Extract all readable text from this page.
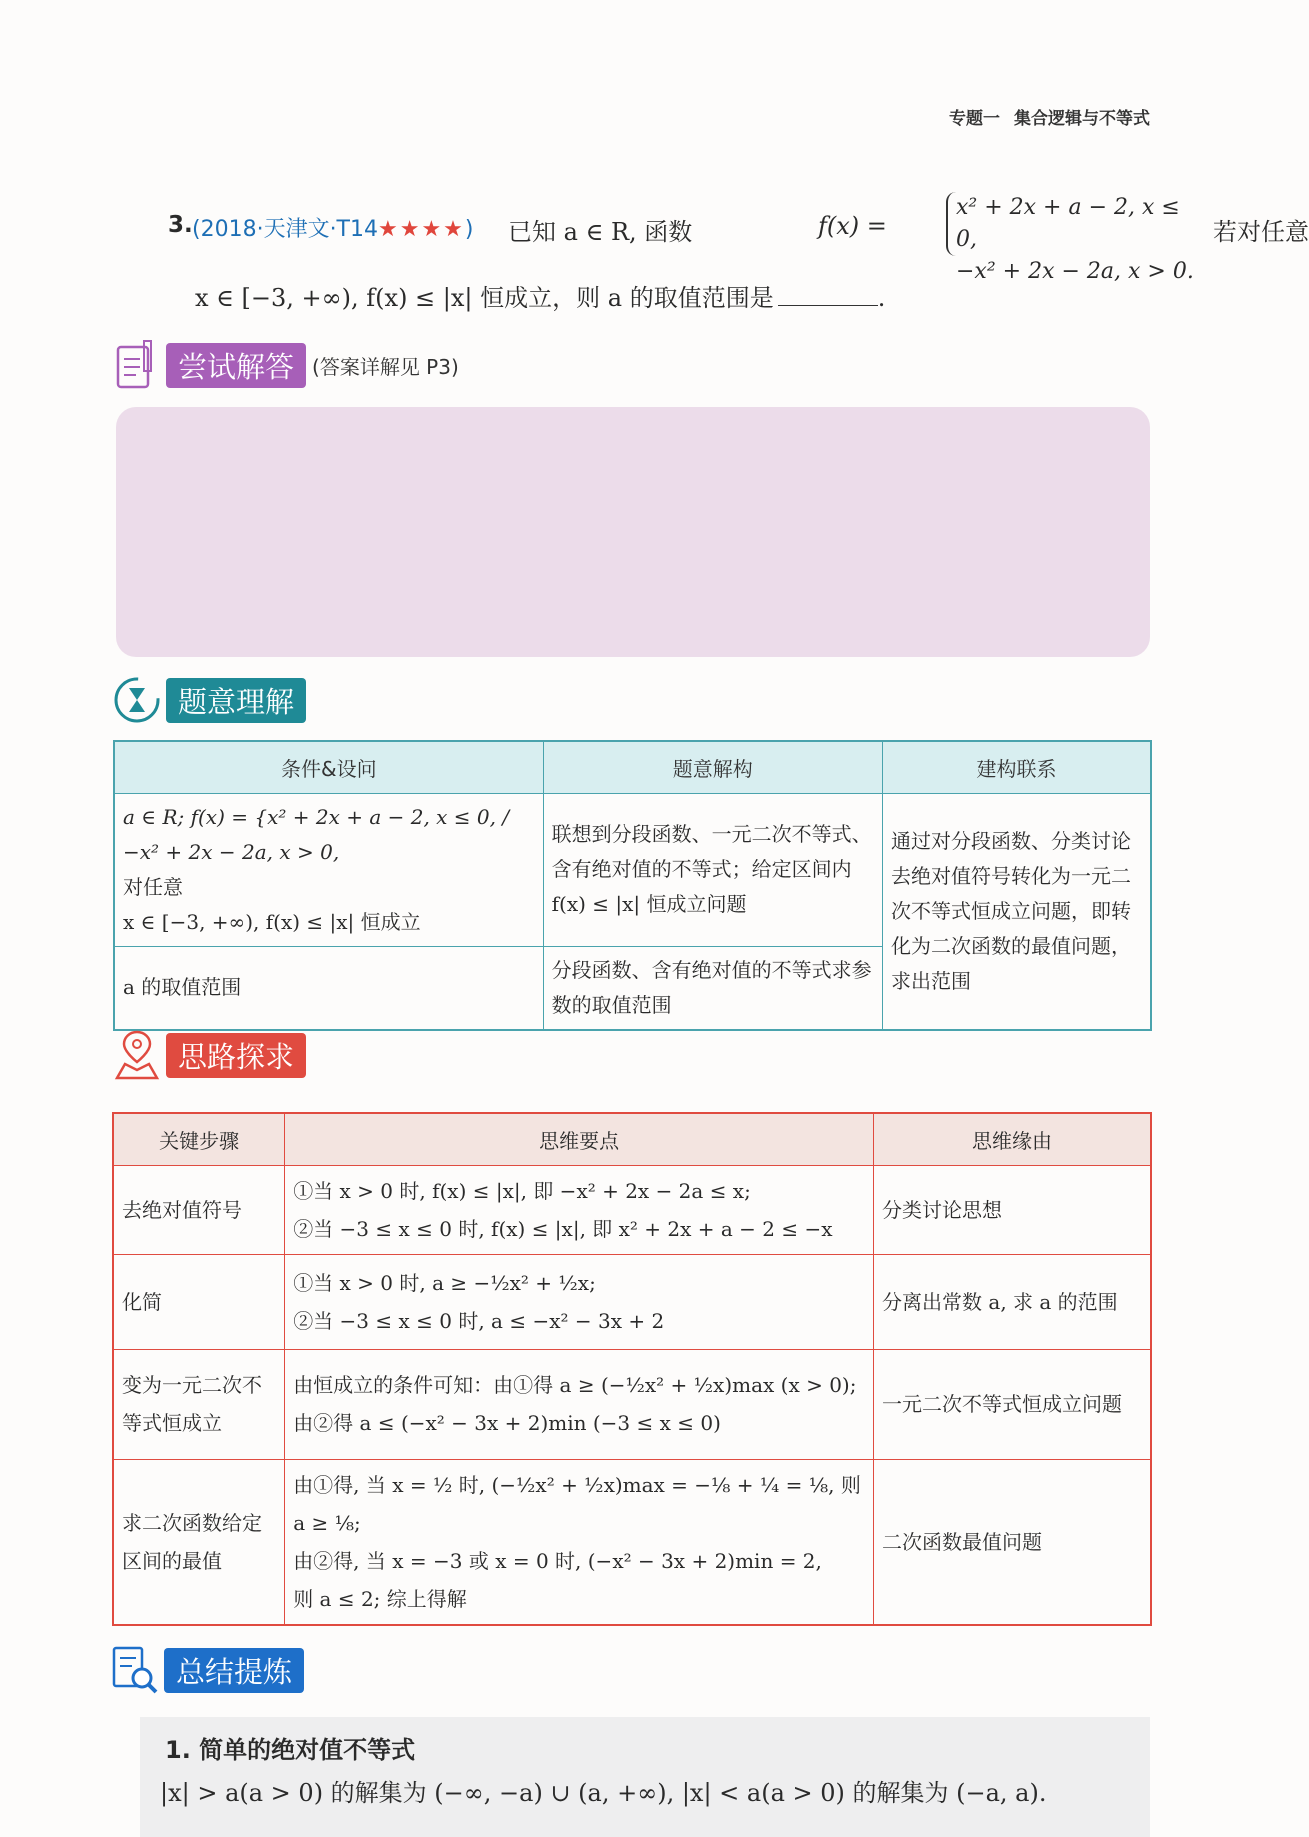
专题一 集合逻辑与不等式
3. (2018·天津文·T14★★★★) 已知 a ∈ R, 函数	f(x) =
x² + 2x + a − 2, x ≤ 0,
−x² + 2x − 2a, x > 0.
若对任意
x ∈ [−3, +∞), f(x) ≤ |x| 恒成立，则 a 的取值范围是	.
尝试解答 (答案详解见 P3)
题意理解
条件&设问	题意解构	建构联系

a ∈ R; f(x) = {x² + 2x + a − 2, x ≤ 0, / −x² + 2x − 2a, x > 0,
对任意
x ∈ [−3, +∞), f(x) ≤ |x| 恒成立	联想到分段函数、一元二次不等式、含有绝对值的不等式；给定区间内 f(x) ≤ |x| 恒成立问题	通过对分段函数、分类讨论去绝对值符号转化为一元二次不等式恒成立问题，即转化为二次函数的最值问题，求出范围
a 的取值范围	分段函数、含有绝对值的不等式求参数的取值范围	
思路探求
关键步骤	思维要点	思维缘由
去绝对值符号	①当 x > 0 时, f(x) ≤ |x|, 即 −x² + 2x − 2a ≤ x;
②当 −3 ≤ x ≤ 0 时, f(x) ≤ |x|, 即 x² + 2x + a − 2 ≤ −x	分类讨论思想
化简	①当 x > 0 时, a ≥ −½x² + ½x;
②当 −3 ≤ x ≤ 0 时, a ≤ −x² − 3x + 2	分离出常数 a, 求 a 的范围
变为一元二次不等式恒成立	由恒成立的条件可知：由①得 a ≥ (−½x² + ½x)max (x > 0);
由②得 a ≤ (−x² − 3x + 2)min (−3 ≤ x ≤ 0)	一元二次不等式恒成立问题
求二次函数给定区间的最值	由①得, 当 x = ½ 时, (−½x² + ½x)max = −⅛ + ¼ = ⅛, 则 a ≥ ⅛;
由②得, 当 x = −3 或 x = 0 时, (−x² − 3x + 2)min = 2,
则 a ≤ 2; 综上得解	二次函数最值问题
总结提炼
1. 简单的绝对值不等式
|x| > a(a > 0) 的解集为 (−∞, −a) ∪ (a, +∞), |x| < a(a > 0) 的解集为 (−a, a).
